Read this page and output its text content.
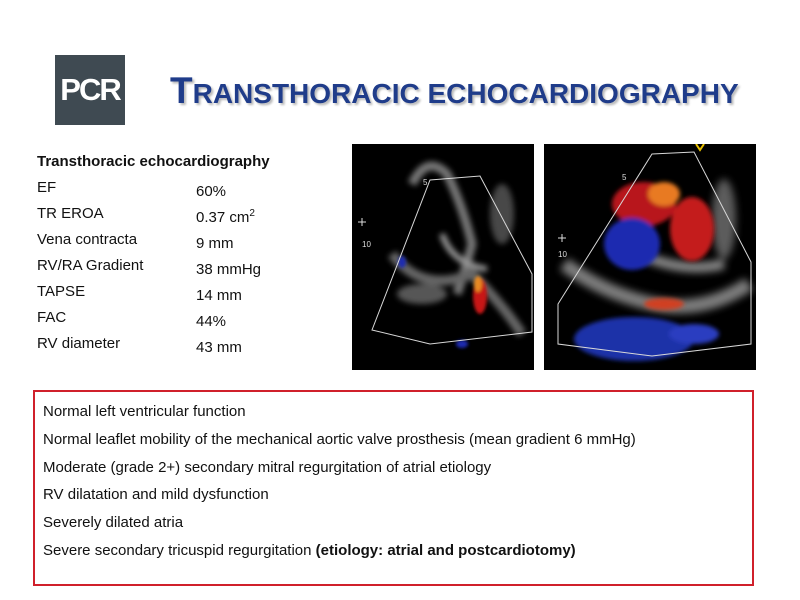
PCR TRANSTHORACIC ECHOCARDIOGRAPHY
Transthoracic echocardiography
EF	60%
TR EROA	0.37 $cm^2$
Vena contracta	9 mm
RV/RA Gradient	38 mmHg
TAPSE	14 mm
FAC	44%
RV diameter	43 mm
5
10
5
10
Normal left ventricular function
Normal leaflet mobility of the mechanical aortic valve prosthesis (mean gradient 6 mmHg)
Moderate (grade 2+) secondary mitral regurgitation of atrial etiology
RV dilatation and mild dysfunction
Severely dilated atria
Severe secondary tricuspid regurgitation (etiology: atrial and postcardiotomy)
